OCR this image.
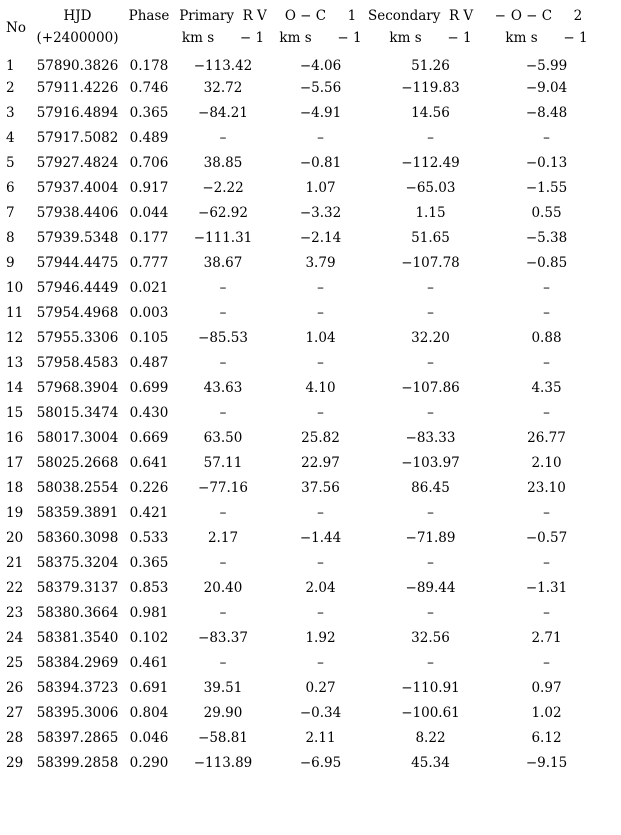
No	HJD	Phase	Primary  R V	O − C     1	Secondary  R V     −	O − C     2
	(+2400000)		km s      − 1	km s      − 1	km s      − 1	km s      − 1
1	57890.3826	0.178	−113.42	−4.06	51.26	−5.99
2	57911.4226	0.746	32.72	−5.56	−119.83	−9.04
3	57916.4894	0.365	−84.21	−4.91	14.56	−8.48
4	57917.5082	0.489	–	–	–	–
5	57927.4824	0.706	38.85	−0.81	−112.49	−0.13
6	57937.4004	0.917	−2.22	1.07	−65.03	−1.55
7	57938.4406	0.044	−62.92	−3.32	1.15	0.55
8	57939.5348	0.177	−111.31	−2.14	51.65	−5.38
9	57944.4475	0.777	38.67	3.79	−107.78	−0.85
10	57946.4449	0.021	–	–	–	–
11	57954.4968	0.003	–	–	–	–
12	57955.3306	0.105	−85.53	1.04	32.20	0.88
13	57958.4583	0.487	–	–	–	–
14	57968.3904	0.699	43.63	4.10	−107.86	4.35
15	58015.3474	0.430	–	–	–	–
16	58017.3004	0.669	63.50	25.82	−83.33	26.77
17	58025.2668	0.641	57.11	22.97	−103.97	2.10
18	58038.2554	0.226	−77.16	37.56	86.45	23.10
19	58359.3891	0.421	–	–	–	–
20	58360.3098	0.533	2.17	−1.44	−71.89	−0.57
21	58375.3204	0.365	–	–	–	–
22	58379.3137	0.853	20.40	2.04	−89.44	−1.31
23	58380.3664	0.981	–	–	–	–
24	58381.3540	0.102	−83.37	1.92	32.56	2.71
25	58384.2969	0.461	–	–	–	–
26	58394.3723	0.691	39.51	0.27	−110.91	0.97
27	58395.3006	0.804	29.90	−0.34	−100.61	1.02
28	58397.2865	0.046	−58.81	2.11	8.22	6.12
29	58399.2858	0.290	−113.89	−6.95	45.34	−9.15
